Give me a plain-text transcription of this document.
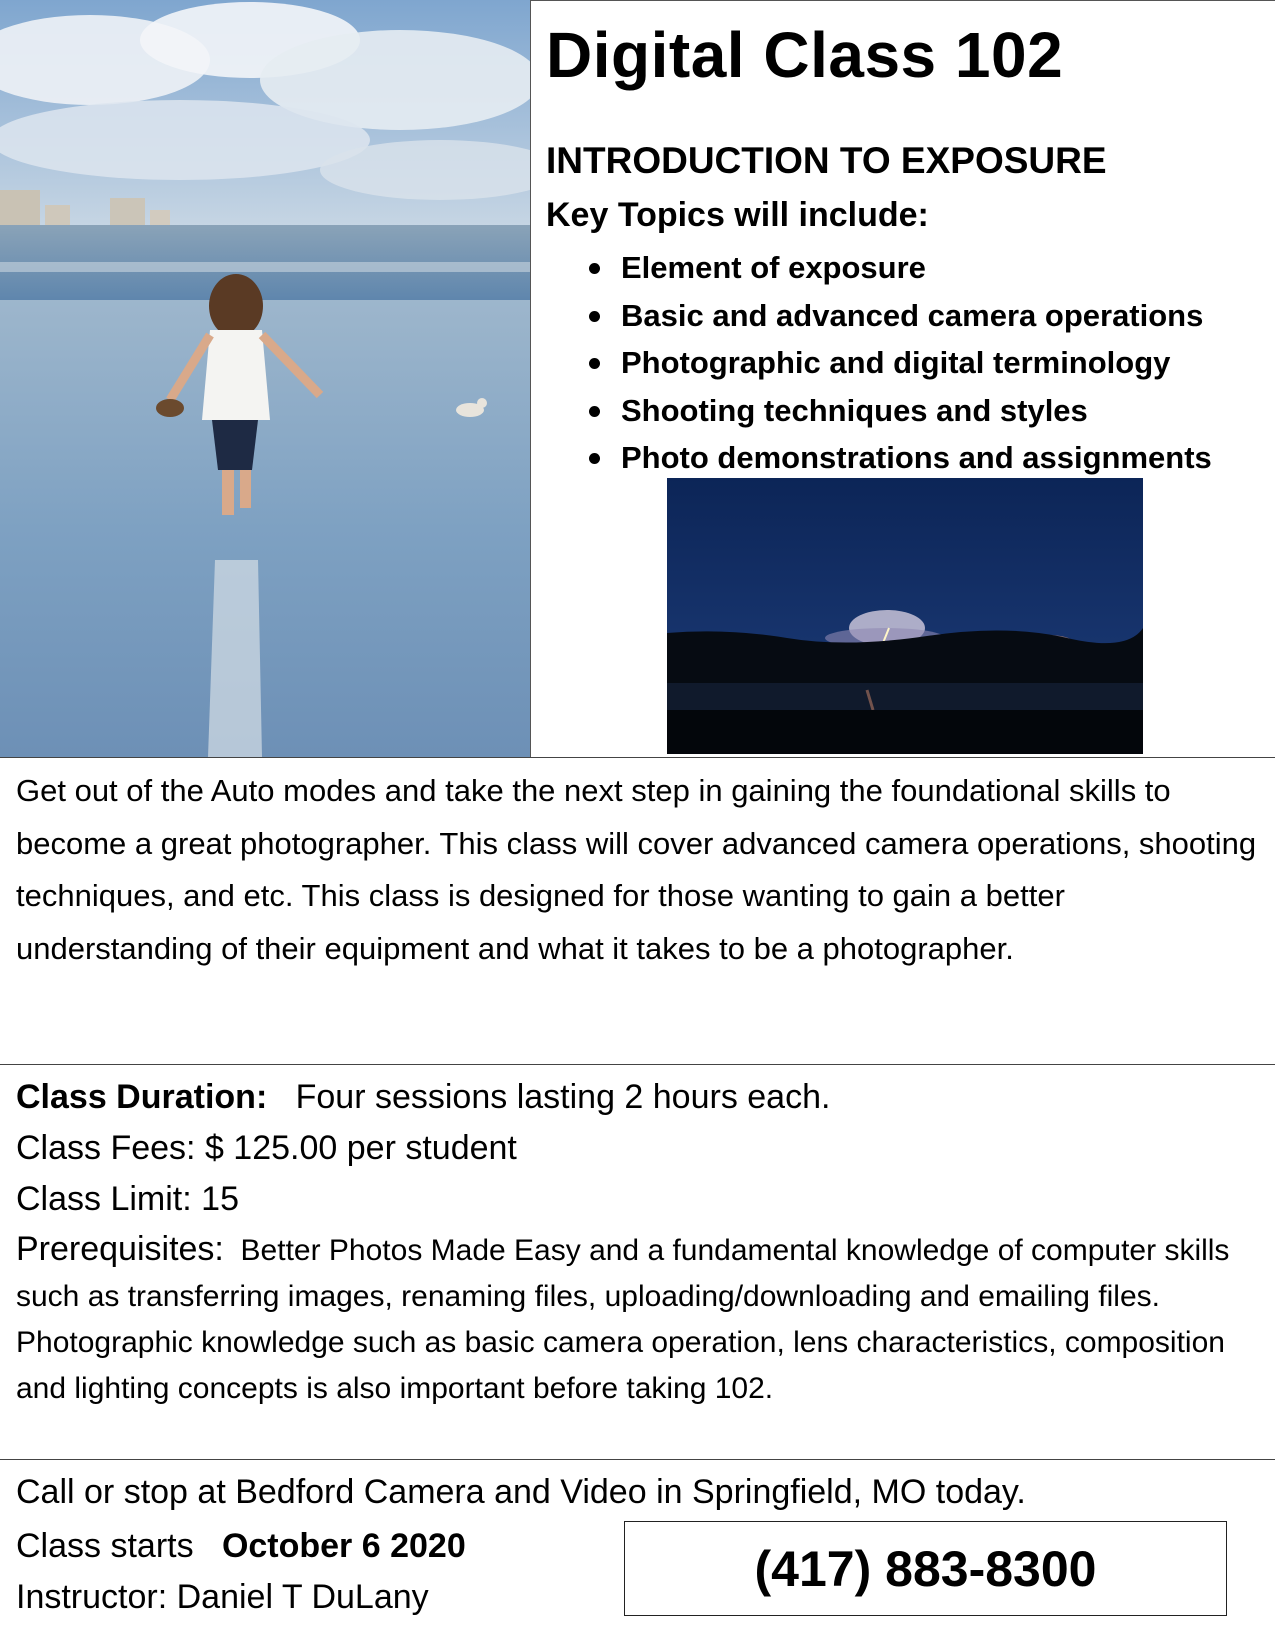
Digital Class 102
INTRODUCTION TO EXPOSURE
Key Topics will include:
Element of exposure
Basic and advanced camera operations
Photographic and digital terminology
Shooting techniques and styles
Photo demonstrations and assignments
Get out of the Auto modes and take the next step in gaining the foundational skills to become a great photographer. This class will cover advanced camera operations, shooting techniques, and etc. This class is designed for those wanting to gain a better understanding of their equipment and what it takes to be a photographer.
Class Duration: Four sessions lasting 2 hours each.
Class Fees: $ 125.00 per student
Class Limit: 15
Prerequisites: Better Photos Made Easy and a fundamental knowledge of computer skills such as transferring images, renaming files, uploading/downloading and emailing files. Photographic knowledge such as basic camera operation, lens characteristics, composition and lighting concepts is also important before taking 102.
Call or stop at Bedford Camera and Video in Springfield, MO today.
Class starts October 6 2020
Instructor: Daniel T DuLany
(417) 883-8300
